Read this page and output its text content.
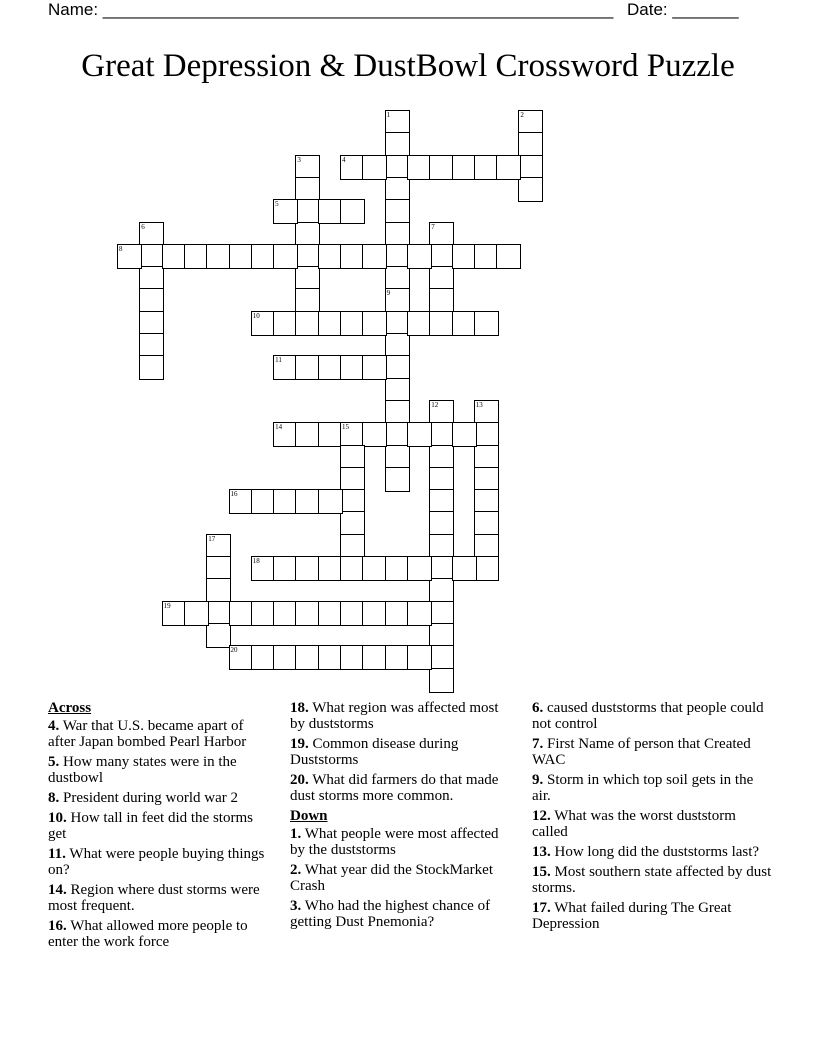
Name: ______________________________________________________ Date: _______
Great Depression & DustBowl Crossword Puzzle
1
9
2
3	4
5
6	7
8
10
11
12	13
14	15
16
17
18
19
20
Across
4. War that U.S. became apart of after Japan bombed Pearl Harbor
5. How many states were in the dustbowl
8. President during world war 2
10. How tall in feet did the storms get
11. What were people buying things on?
14. Region where dust storms were most frequent.
16. What allowed more people to enter the work force
18. What region was affected most by duststorms
19. Common disease during Duststorms
20. What did farmers do that made dust storms more common.
Down
1. What people were most affected by the duststorms
2. What year did the StockMarket Crash
3. Who had the highest chance of getting Dust Pnemonia?
6. caused duststorms that people could not control
7. First Name of person that Created WAC
9. Storm in which top soil gets in the air.
12. What was the worst duststorm called
13. How long did the duststorms last?
15. Most southern state affected by dust storms.
17. What failed during The Great Depression
